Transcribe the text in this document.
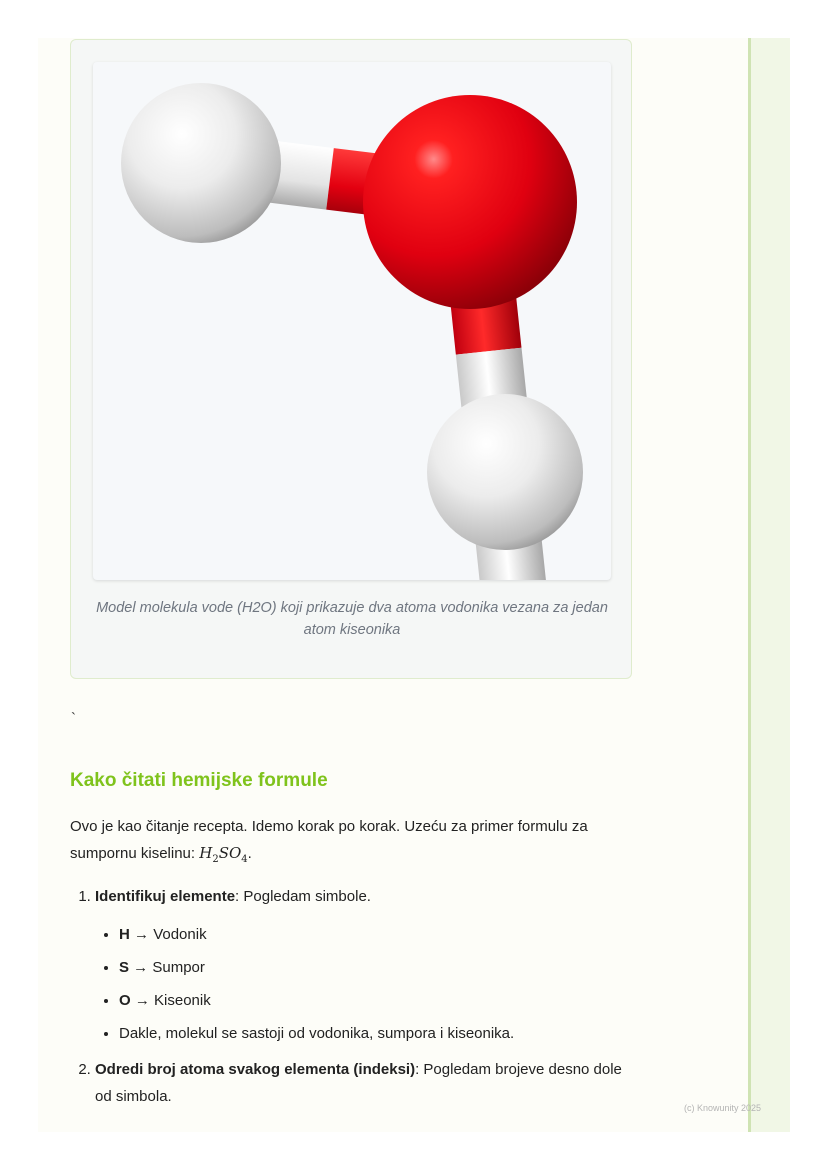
Model molekula vode (H2O) koji prikazuje dva atoma vodonika vezana za jedan atom kiseonika
`
Kako čitati hemijske formule

Ovo je kao čitanje recepta. Idemo korak po korak. Uzeću za primer formulu za sumpornu kiselinu: $H_2SO_4$.

1. Identifikuj elemente: Pogledam simbole.
• H → Vodonik
• S → Sumpor
• O → Kiseonik
• Dakle, molekul se sastoji od vodonika, sumpora i kiseonika.
2. Odredi broj atoma svakog elementa (indeksi): Pogledam brojeve desno dole od simbola.
(c) Knowunity 2025
